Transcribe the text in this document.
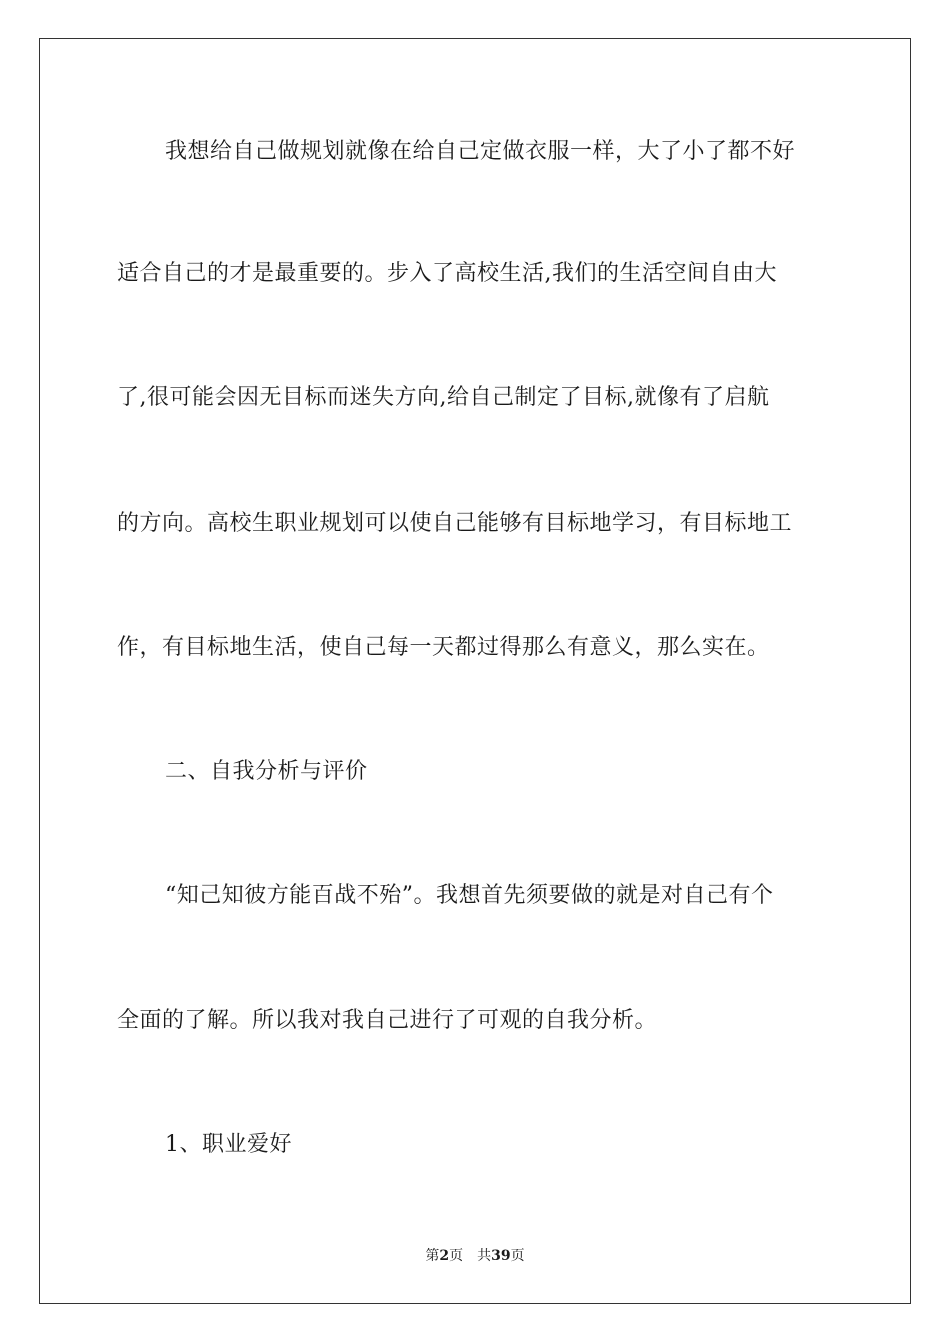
我想给自己做规划就像在给自己定做衣服一样，大了小了都不好
适合自己的才是最重要的。步入了高校生活,我们的生活空间自由大
了,很可能会因无目标而迷失方向,给自己制定了目标,就像有了启航
的方向。高校生职业规划可以使自己能够有目标地学习，有目标地工
作，有目标地生活，使自己每一天都过得那么有意义，那么实在。
二、自我分析与评价
“知己知彼方能百战不殆”。我想首先须要做的就是对自己有个
全面的了解。所以我对我自己进行了可观的自我分析。
1、职业爱好
第2页 共39页
